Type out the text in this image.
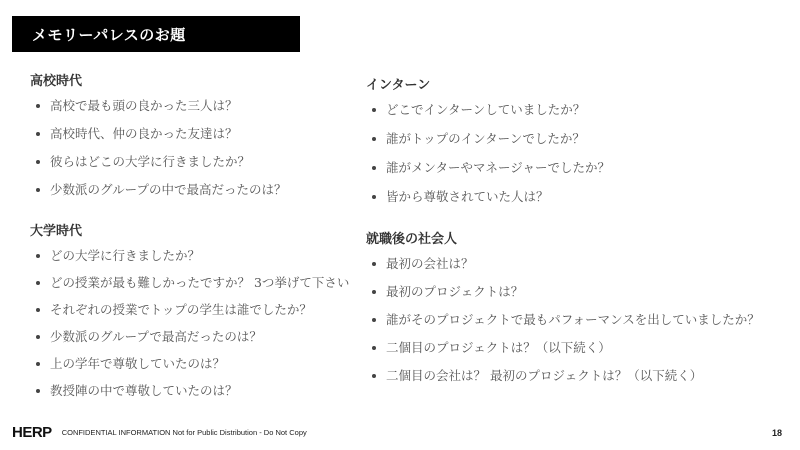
メモリーパレスのお題
高校時代
高校で最も頭の良かった三人は？
高校時代、仲の良かった友達は？
彼らはどこの大学に行きましたか？
少数派のグループの中で最高だったのは？
大学時代
どの大学に行きましたか？
どの授業が最も難しかったですか？ 3つ挙げて下さい
それぞれの授業でトップの学生は誰でしたか？
少数派のグループで最高だったのは？
上の学年で尊敬していたのは？
教授陣の中で尊敬していたのは？
インターン
どこでインターンしていましたか？
誰がトップのインターンでしたか？
誰がメンターやマネージャーでしたか？
皆から尊敬されていた人は？
就職後の社会人
最初の会社は？
最初のプロジェクトは？
誰がそのプロジェクトで最もパフォーマンスを出していましたか？
二個目のプロジェクトは？（以下続く）
二個目の会社は？ 最初のプロジェクトは？（以下続く）
HERP CONFIDENTIAL INFORMATION Not for Public Distribution - Do Not Copy	18
